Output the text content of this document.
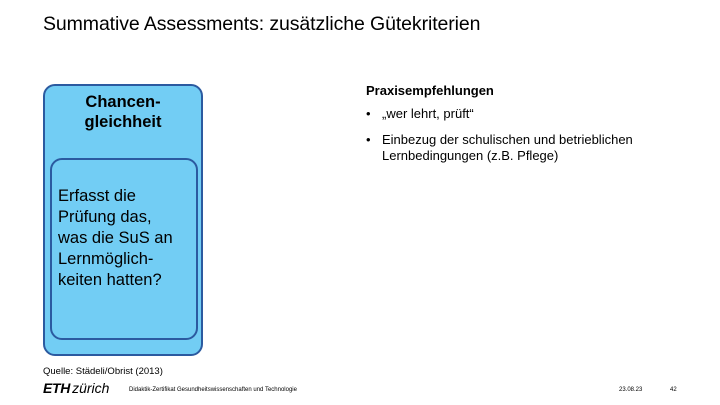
Summative Assessments: zusätzliche Gütekriterien
Chancen-
gleichheit
Erfasst die
Prüfung das,
was die SuS an
Lernmöglich-
keiten hatten?
Praxisempfehlungen
• „wer lehrt, prüft“
• Einbezug der schulischen und betrieblichen Lernbedingungen (z.B. Pflege)
Quelle: Städeli/Obrist (2013)
ETH zürich	Didaktik-Zertifikat Gesundheitswissenschaften und Technologie	23.08.23	42
